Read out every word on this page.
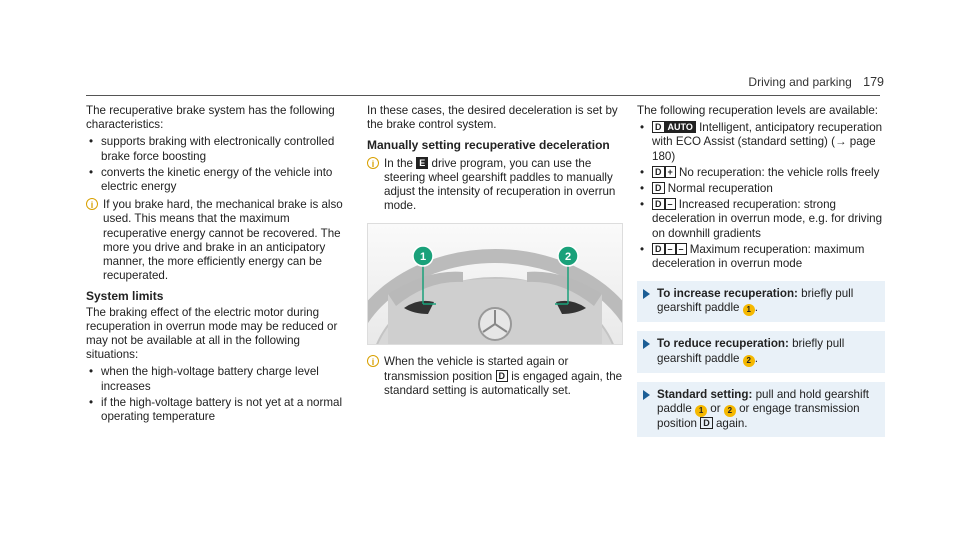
Driving and parking 179

The recuperative brake system has the following characteristics:

• supports braking with electronically controlled brake force boosting
• converts the kinetic energy of the vehicle into electric energy
i If you brake hard, the mechanical brake is also used. This means that the maximum recuperative energy cannot be recovered. The more you drive and brake in an anticipatory manner, the more efficiently energy can be recuperated.
System limits

The braking effect of the electric motor during recuperation in overrun mode may be reduced or may not be available at all in the following situations:

• when the high-voltage battery charge level increases
• if the high-voltage battery is not yet at a normal operating temperature

In these cases, the desired deceleration is set by the brake control system.

Manually setting recuperative deceleration
i In the E drive program, you can use the steering wheel gearshift paddles to manually adjust the intensity of recuperation in overrun mode.
1	2
i When the vehicle is started again or transmission position D is engaged again, the standard setting is automatically set.

The following recuperation levels are available:

• D AUTO Intelligent, anticipatory recuperation with ECO Assist (standard setting) (→ page 180)
• D + No recuperation: the vehicle rolls freely
• D Normal recuperation
• D – Increased recuperation: strong deceleration in overrun mode, e.g. for driving on downhill gradients
• D – – Maximum recuperation: maximum deceleration in overrun mode
To increase recuperation: briefly pull gearshift paddle 1 .
To reduce recuperation: briefly pull gearshift paddle 2 .
Standard setting: pull and hold gearshift paddle 1 or 2 or engage transmission position D again.
